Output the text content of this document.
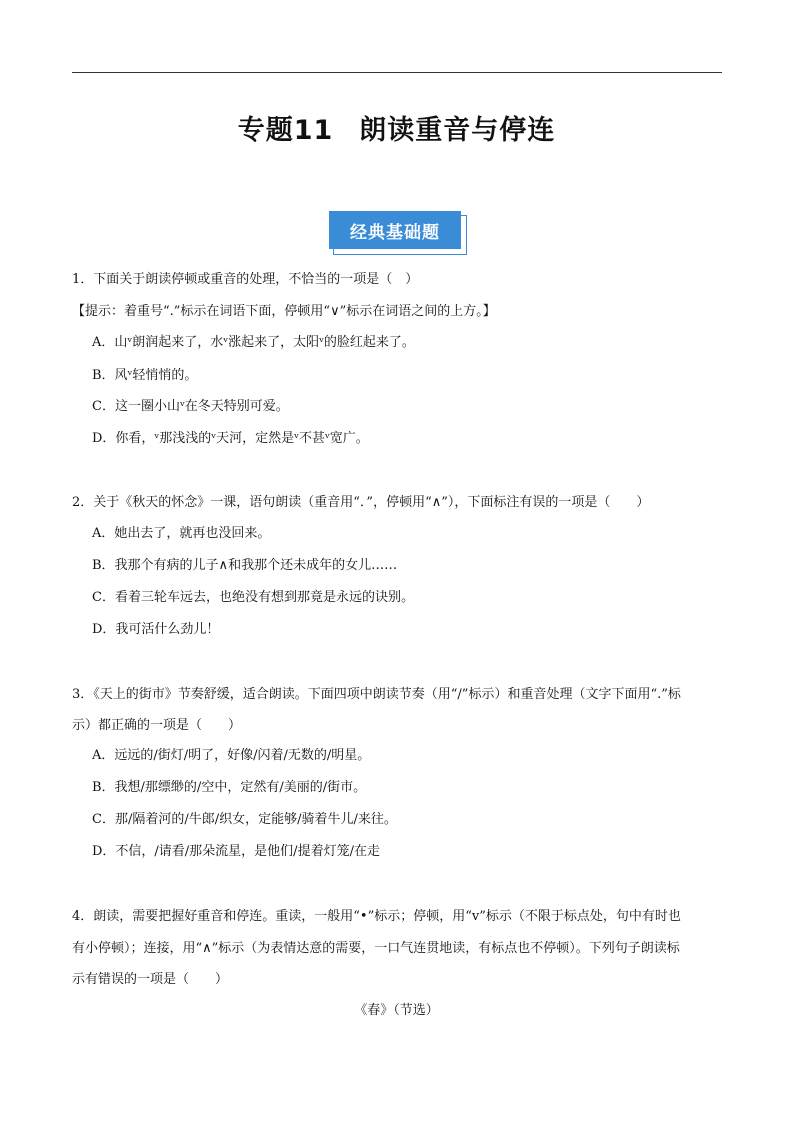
专题11 朗读重音与停连
经典基础题
1．下面关于朗读停顿或重音的处理，不恰当的一项是（　）
【提示：着重号“.”标示在词语下面，停顿用“∨”标示在词语之间的上方。】
A．山ᵛ朗润起来了，水ᵛ涨起来了，太阳ᵛ的脸红起来了。
B．风ᵛ轻悄悄的。
C．这一圈小山ᵛ在冬天特别可爱。
D．你看，ᵛ那浅浅的ᵛ天河，定然是ᵛ不甚ᵛ宽广。
2．关于《秋天的怀念》一课，语句朗读（重音用“．”，停顿用“∧”），下面标注有误的一项是（　　）
A．她出去了，就再也没回来。
B．我那个有病的儿子∧和我那个还未成年的女儿……
C．看着三轮车远去，也绝没有想到那竟是永远的诀别。
D．我可活什么劲儿！
3．《天上的街市》节奏舒缓，适合朗读。下面四项中朗读节奏（用“/”标示）和重音处理（文字下面用“.”标
示）都正确的一项是（　　）
A．远远的/街灯/明了，好像/闪着/无数的/明星。
B．我想/那缥缈的/空中，定然有/美丽的/街市。
C．那/隔着河的/牛郎/织女，定能够/骑着牛儿/来往。
D．不信，/请看/那朵流星，是他们/提着灯笼/在走
4．朗读，需要把握好重音和停连。重读，一般用“•”标示；停顿，用“v”标示（不限于标点处，句中有时也
有小停顿）；连接，用“∧”标示（为表情达意的需要，一口气连贯地读，有标点也不停顿）。下列句子朗读标
示有错误的一项是（　　）
《春》（节选）
